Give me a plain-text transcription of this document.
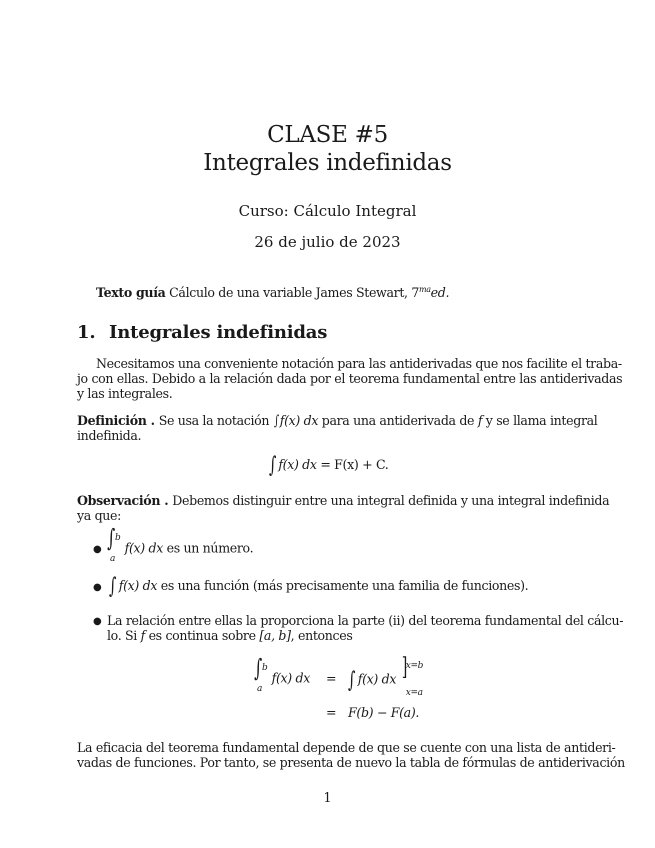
CLASE #5
Integrales indefinidas
Curso: Cálculo Integral
26 de julio de 2023
Texto guía Cálculo de una variable James Stewart, $7^{ma}ed$.
1. Integrales indefinidas
Necesitamos una conveniente notación para las antiderivadas que nos facilite el traba-
jo con ellas. Debido a la relación dada por el teorema fundamental entre las antiderivadas
y las integrales.
Definición . Se usa la notación ∫f(x) dx para una antiderivada de f y se llama integral
indefinida.
∫ f(x) dx = F(x) + C.
Observación . Debemos distinguir entre una integral definida y una integral indefinida
ya que:
● ∫ b
a
f(x) dx es un número.
● ∫ f(x) dx es una función (más precisamente una familia de funciones).
● La relación entre ellas la proporciona la parte (ii) del teorema fundamental del cálcu-
lo. Si f es continua sobre [a, b], entonces
∫ b
a
f(x) dx = ∫ f(x) dx ]
x=b
x=a
= F(b) − F(a).
La eficacia del teorema fundamental depende de que se cuente con una lista de antideri-
vadas de funciones. Por tanto, se presenta de nuevo la tabla de fórmulas de antiderivación
1
